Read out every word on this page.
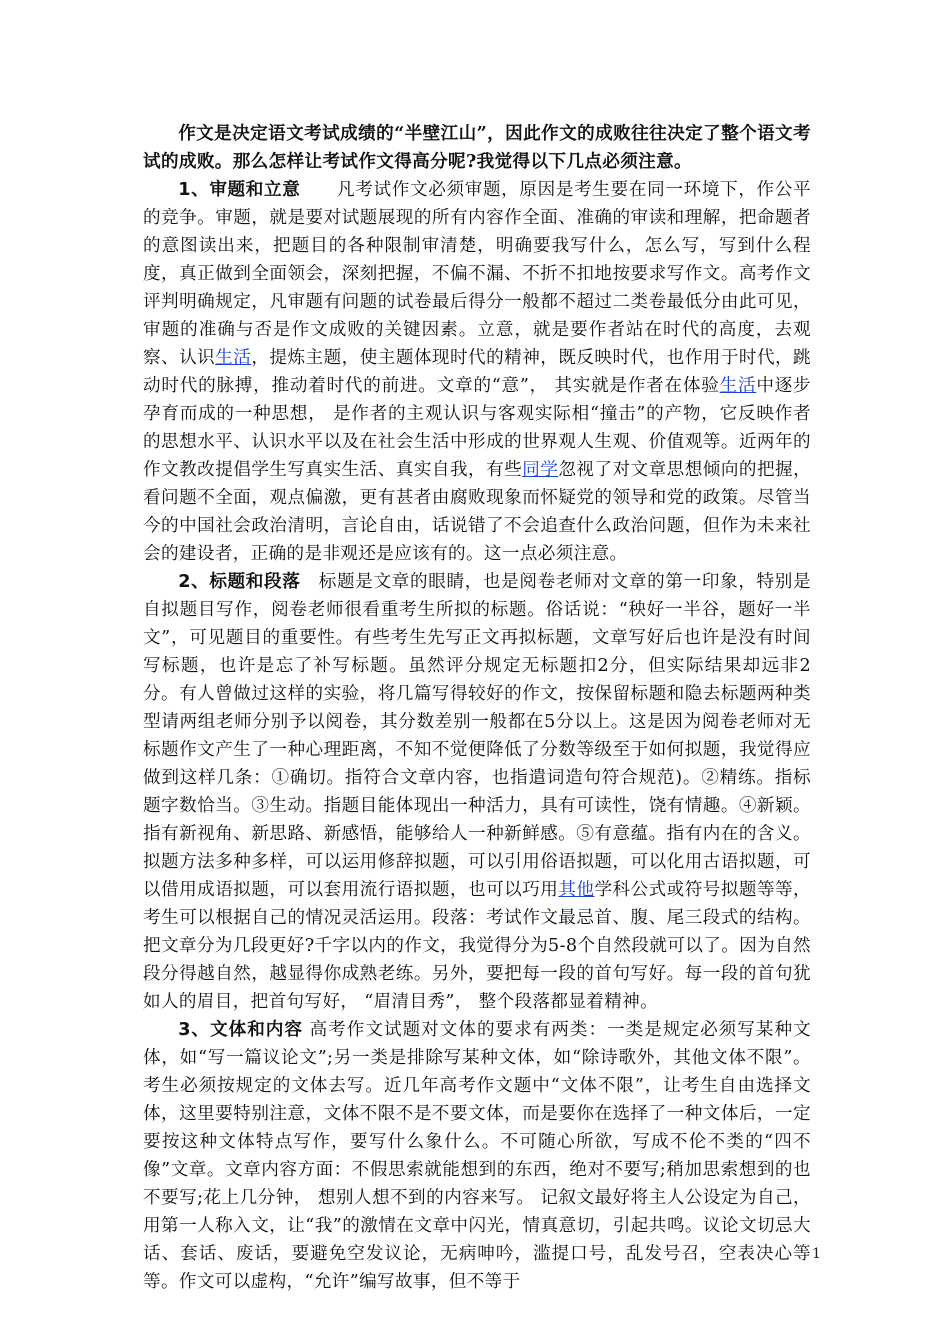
作文是决定语文考试成绩的“半壁江山”，因此作文的成败往往决定了整个语文考试的成败。那么怎样让考试作文得高分呢?我觉得以下几点必须注意。

1、审题和立意　　凡考试作文必须审题，原因是考生要在同一环境下，作公平的竞争。审题，就是要对试题展现的所有内容作全面、准确的审读和理解，把命题者的意图读出来，把题目的各种限制审清楚，明确要我写什么，怎么写，写到什么程度，真正做到全面领会，深刻把握，不偏不漏、不折不扣地按要求写作文。高考作文评判明确规定，凡审题有问题的试卷最后得分一般都不超过二类卷最低分由此可见，审题的准确与否是作文成败的关键因素。立意，就是要作者站在时代的高度，去观察、认识生活，提炼主题，使主题体现时代的精神，既反映时代，也作用于时代，跳动时代的脉搏，推动着时代的前进。文章的“意”， 其实就是作者在体验生活中逐步孕育而成的一种思想， 是作者的主观认识与客观实际相“撞击”的产物，它反映作者的思想水平、认识水平以及在社会生活中形成的世界观人生观、价值观等。近两年的作文教改提倡学生写真实生活、真实自我，有些同学忽视了对文章思想倾向的把握，看问题不全面，观点偏激，更有甚者由腐败现象而怀疑党的领导和党的政策。尽管当今的中国社会政治清明，言论自由，话说错了不会追查什么政治问题，但作为未来社会的建设者，正确的是非观还是应该有的。这一点必须注意。

2、标题和段落　标题是文章的眼睛，也是阅卷老师对文章的第一印象，特别是自拟题目写作，阅卷老师很看重考生所拟的标题。俗话说：“秧好一半谷，题好一半文”，可见题目的重要性。有些考生先写正文再拟标题，文章写好后也许是没有时间写标题，也许是忘了补写标题。虽然评分规定无标题扣2分，但实际结果却远非2分。有人曾做过这样的实验，将几篇写得较好的作文，按保留标题和隐去标题两种类型请两组老师分别予以阅卷，其分数差别一般都在5分以上。这是因为阅卷老师对无标题作文产生了一种心理距离，不知不觉便降低了分数等级至于如何拟题，我觉得应做到这样几条：①确切。指符合文章内容，也指遣词造句符合规范)。②精练。指标题字数恰当。③生动。指题目能体现出一种活力，具有可读性，饶有情趣。④新颖。指有新视角、新思路、新感悟，能够给人一种新鲜感。⑤有意蕴。指有内在的含义。拟题方法多种多样，可以运用修辞拟题，可以引用俗语拟题，可以化用古语拟题，可以借用成语拟题，可以套用流行语拟题，也可以巧用其他学科公式或符号拟题等等，考生可以根据自己的情况灵活运用。段落：考试作文最忌首、腹、尾三段式的结构。把文章分为几段更好?千字以内的作文，我觉得分为5-8个自然段就可以了。因为自然段分得越自然，越显得你成熟老练。另外，要把每一段的首句写好。每一段的首句犹如人的眉目，把首句写好， “眉清目秀”， 整个段落都显着精神。

3、文体和内容 高考作文试题对文体的要求有两类：一类是规定必须写某种文体，如“写一篇议论文”;另一类是排除写某种文体，如“除诗歌外，其他文体不限”。考生必须按规定的文体去写。近几年高考作文题中“文体不限”，让考生自由选择文体，这里要特别注意，文体不限不是不要文体，而是要你在选择了一种文体后，一定要按这种文体特点写作，要写什么象什么。不可随心所欲，写成不伦不类的“四不像”文章。文章内容方面：不假思索就能想到的东西，绝对不要写;稍加思索想到的也不要写;花上几分钟， 想别人想不到的内容来写。 记叙文最好将主人公设定为自己，用第一人称入文，让“我”的激情在文章中闪光，情真意切，引起共鸣。议论文切忌大话、套话、废话，要避免空发议论，无病呻吟，滥提口号，乱发号召，空表决心等等。作文可以虚构，“允许”编写故事，但不等于

1
